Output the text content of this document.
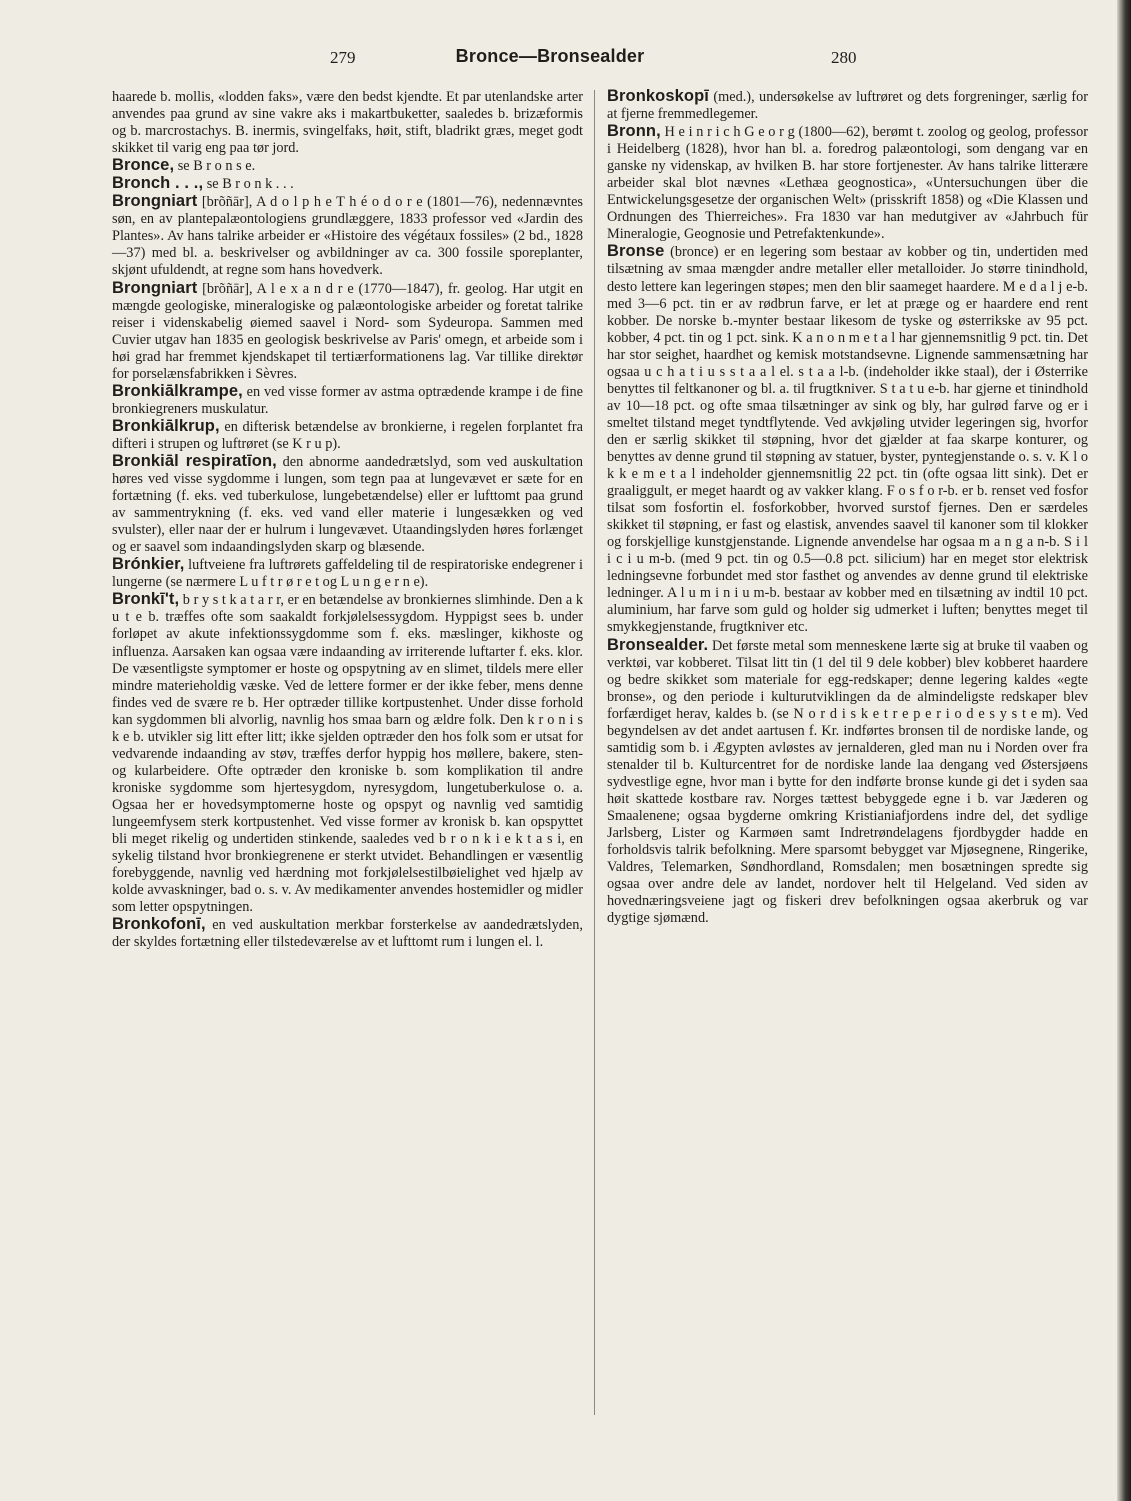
279	Bronce—Bronsealder	280

haarede b. mollis, «lodden faks», være den bedst kjendte. Et par utenlandske arter anvendes paa grund av sine vakre aks i makartbuketter, saaledes b. brizæformis og b. marcrostachys. B. inermis, svingelfaks, høit, stift, bladrikt græs, meget godt skikket til varig eng paa tør jord.

Bronce, se B r o n s e.

Bronch . . ., se B r o n k . . .

Brongniart [brõñār], A d o l p h e T h é o d o r e (1801—76), nedennævntes søn, en av plantepalæontologiens grundlæggere, 1833 professor ved «Jardin des Plantes». Av hans talrike arbeider er «Histoire des végétaux fossiles» (2 bd., 1828—37) med bl. a. beskrivelser og avbildninger av ca. 300 fossile sporeplanter, skjønt ufuldendt, at regne som hans hovedverk.

Brongniart [brõñār], A l e x a n d r e (1770—1847), fr. geolog. Har utgit en mængde geologiske, mineralogiske og palæontologiske arbeider og foretat talrike reiser i videnskabelig øiemed saavel i Nord- som Sydeuropa. Sammen med Cuvier utgav han 1835 en geologisk beskrivelse av Paris' omegn, et arbeide som i høi grad har fremmet kjendskapet til tertiærformationens lag. Var tillike direktør for porselænsfabrikken i Sèvres.

Bronkiālkrampe, en ved visse former av astma optrædende krampe i de fine bronkiegreners muskulatur.

Bronkiālkrup, en difterisk betændelse av bronkierne, i regelen forplantet fra difteri i strupen og luftrøret (se K r u p).

Bronkiāl respiratīon, den abnorme aandedrætslyd, som ved auskultation høres ved visse sygdomme i lungen, som tegn paa at lungevævet er sæte for en fortætning (f. eks. ved tuberkulose, lungebetændelse) eller er lufttomt paa grund av sammentrykning (f. eks. ved vand eller materie i lungesækken og ved svulster), eller naar der er hulrum i lungevævet. Utaandingslyden høres forlænget og er saavel som indaandingslyden skarp og blæsende.

Brónkier, luftveiene fra luftrørets gaffeldeling til de respiratoriske endegrener i lungerne (se nærmere L u f t r ø r e t og L u n g e r n e).

Bronkī't, b r y s t k a t a r r, er en betændelse av bronkiernes slimhinde. Den a k u t e b. træffes ofte som saakaldt forkjølelsessygdom. Hyppigst sees b. under forløpet av akute infektionssygdomme som f. eks. mæslinger, kikhoste og influenza. Aarsaken kan ogsaa være indaanding av irriterende luftarter f. eks. klor. De væsentligste symptomer er hoste og opspytning av en slimet, tildels mere eller mindre materieholdig væske. Ved de lettere former er der ikke feber, mens denne findes ved de svære re b. Her optræder tillike kortpustenhet. Under disse forhold kan sygdommen bli alvorlig, navnlig hos smaa barn og ældre folk. Den k r o n i s k e b. utvikler sig litt efter litt; ikke sjelden optræder den hos folk som er utsat for vedvarende indaanding av støv, træffes derfor hyppig hos møllere, bakere, sten- og kularbeidere. Ofte optræder den kroniske b. som komplikation til andre kroniske sygdomme som hjertesygdom, nyresygdom, lungetuberkulose o. a. Ogsaa her er hovedsymptomerne hoste og opspyt og navnlig ved samtidig lungeemfysem sterk kortpustenhet. Ved visse former av kronisk b. kan opspyttet bli meget rikelig og undertiden stinkende, saaledes ved b r o n k i e k t a s i, en sykelig tilstand hvor bronkiegrenene er sterkt utvidet. Behandlingen er væsentlig forebyggende, navnlig ved hærdning mot forkjølelsestilbøielighet ved hjælp av kolde avvaskninger, bad o. s. v. Av medikamenter anvendes hostemidler og midler som letter opspytningen.

Bronkofonī, en ved auskultation merkbar forsterkelse av aandedrætslyden, der skyldes fortætning eller tilstedeværelse av et lufttomt rum i lungen el. l.

Bronkoskopī (med.), undersøkelse av luftrøret og dets forgreninger, særlig for at fjerne fremmedlegemer.

Bronn, H e i n r i c h G e o r g (1800—62), berømt t. zoolog og geolog, professor i Heidelberg (1828), hvor han bl. a. foredrog palæontologi, som dengang var en ganske ny videnskap, av hvilken B. har store fortjenester. Av hans talrike litterære arbeider skal blot nævnes «Lethæa geognostica», «Untersuchungen über die Entwickelungsgesetze der organischen Welt» (prisskrift 1858) og «Die Klassen und Ordnungen des Thierreiches». Fra 1830 var han medutgiver av «Jahrbuch für Mineralogie, Geognosie und Petrefaktenkunde».

Bronse (bronce) er en legering som bestaar av kobber og tin, undertiden med tilsætning av smaa mængder andre metaller eller metalloider. Jo større tinindhold, desto lettere kan legeringen støpes; men den blir saameget haardere. M e d a l j e-b. med 3—6 pct. tin er av rødbrun farve, er let at præge og er haardere end rent kobber. De norske b.-mynter bestaar likesom de tyske og østerrikske av 95 pct. kobber, 4 pct. tin og 1 pct. sink. K a n o n m e t a l har gjennemsnitlig 9 pct. tin. Det har stor seighet, haardhet og kemisk motstandsevne. Lignende sammensætning har ogsaa u c h a t i u s s t a a l el. s t a a l-b. (indeholder ikke staal), der i Østerrike benyttes til feltkanoner og bl. a. til frugtkniver. S t a t u e-b. har gjerne et tinindhold av 10—18 pct. og ofte smaa tilsætninger av sink og bly, har gulrød farve og er i smeltet tilstand meget tyndtflytende. Ved avkjøling utvider legeringen sig, hvorfor den er særlig skikket til støpning, hvor det gjælder at faa skarpe konturer, og benyttes av denne grund til støpning av statuer, byster, pyntegjenstande o. s. v. K l o k k e m e t a l indeholder gjennemsnitlig 22 pct. tin (ofte ogsaa litt sink). Det er graaliggult, er meget haardt og av vakker klang. F o s f o r-b. er b. renset ved fosfor tilsat som fosfortin el. fosforkobber, hvorved surstof fjernes. Den er særdeles skikket til støpning, er fast og elastisk, anvendes saavel til kanoner som til klokker og forskjellige kunstgjenstande. Lignende anvendelse har ogsaa m a n g a n-b. S i l i c i u m-b. (med 9 pct. tin og 0.5—0.8 pct. silicium) har en meget stor elektrisk ledningsevne forbundet med stor fasthet og anvendes av denne grund til elektriske ledninger. A l u m i n i u m-b. bestaar av kobber med en tilsætning av indtil 10 pct. aluminium, har farve som guld og holder sig udmerket i luften; benyttes meget til smykkegjenstande, frugtkniver etc.

Bronsealder. Det første metal som menneskene lærte sig at bruke til vaaben og verktøi, var kobberet. Tilsat litt tin (1 del til 9 dele kobber) blev kobberet haardere og bedre skikket som materiale for egg-redskaper; denne legering kaldes «egte bronse», og den periode i kulturutviklingen da de almindeligste redskaper blev forfærdiget herav, kaldes b. (se N o r d i s k e t r e p e r i o d e s y s t e m). Ved begyndelsen av det andet aartusen f. Kr. indførtes bronsen til de nordiske lande, og samtidig som b. i Ægypten avløstes av jernalderen, gled man nu i Norden over fra stenalder til b. Kulturcentret for de nordiske lande laa dengang ved Østersjøens sydvestlige egne, hvor man i bytte for den indførte bronse kunde gi det i syden saa høit skattede kostbare rav. Norges tættest bebyggede egne i b. var Jæderen og Smaalenene; ogsaa bygderne omkring Kristianiafjordens indre del, det sydlige Jarlsberg, Lister og Karmøen samt Indretrøndelagens fjordbygder hadde en forholdsvis talrik befolkning. Mere sparsomt bebygget var Mjøsegnene, Ringerike, Valdres, Telemarken, Søndhordland, Romsdalen; men bosætningen spredte sig ogsaa over andre dele av landet, nordover helt til Helgeland. Ved siden av hovednæringsveiene jagt og fiskeri drev befolkningen ogsaa akerbruk og var dygtige sjømænd.
